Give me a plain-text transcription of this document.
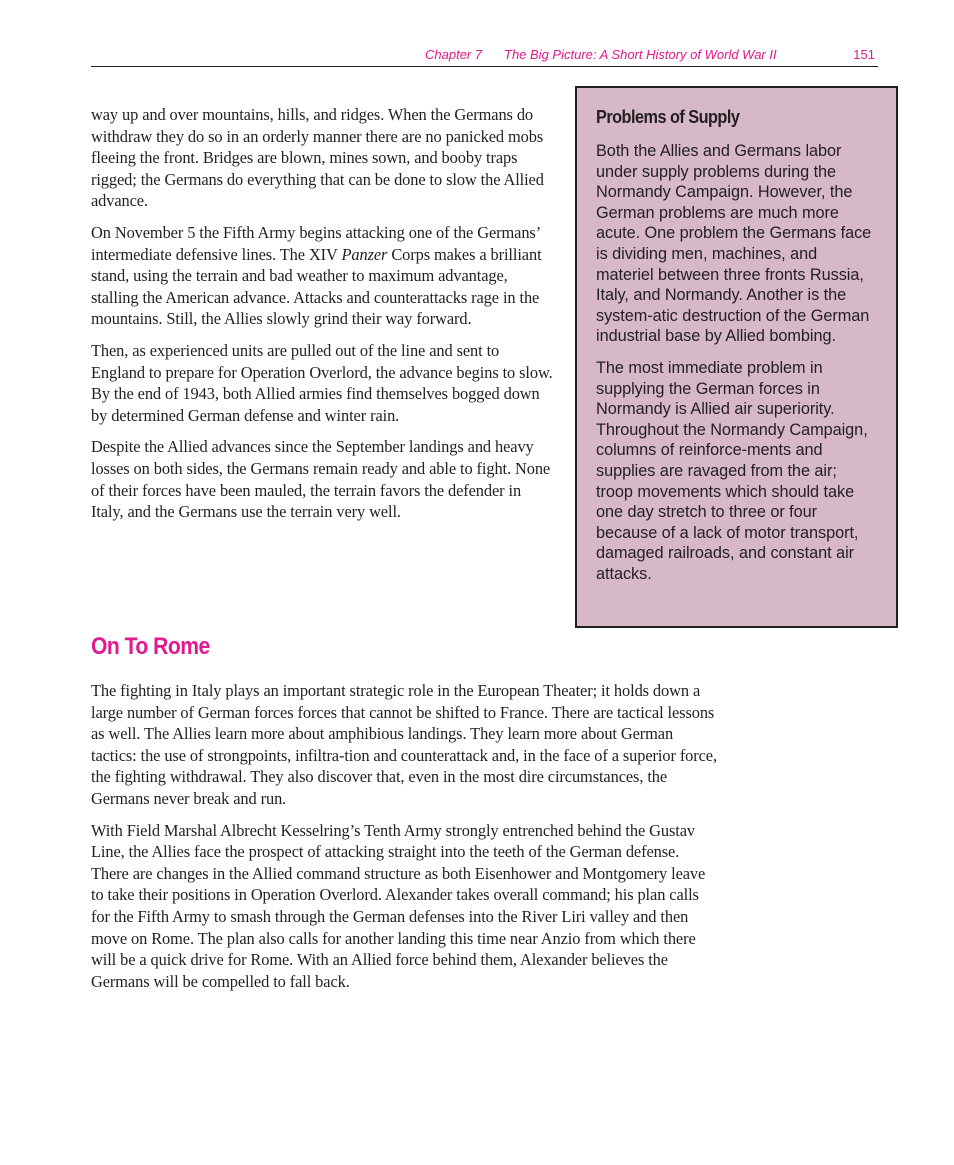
Chapter 7 The Big Picture: A Short History of World War II	151

way up and over mountains, hills, and ridges. When the Germans do withdraw they do so in an orderly manner there are no panicked mobs fleeing the front. Bridges are blown, mines sown, and booby traps rigged; the Germans do everything that can be done to slow the Allied advance.

On November 5 the Fifth Army begins attacking one of the Germans’ intermediate defensive lines. The XIV Panzer Corps makes a brilliant stand, using the terrain and bad weather to maximum advantage, stalling the American advance. Attacks and counterattacks rage in the mountains. Still, the Allies slowly grind their way forward.

Then, as experienced units are pulled out of the line and sent to England to prepare for Operation Overlord, the advance begins to slow. By the end of 1943, both Allied armies find themselves bogged down by determined German defense and winter rain.

Despite the Allied advances since the September landings and heavy losses on both sides, the Germans remain ready and able to fight. None of their forces have been mauled, the terrain favors the defender in Italy, and the Germans use the terrain very well.

Problems of Supply

Both the Allies and Germans labor under supply problems during the Normandy Campaign. However, the German problems are much more acute. One problem the Germans face is dividing men, machines, and materiel between three fronts Russia, Italy, and Normandy. Another is the system-atic destruction of the German industrial base by Allied bombing.

The most immediate problem in supplying the German forces in Normandy is Allied air superiority. Throughout the Normandy Campaign, columns of reinforce-ments and supplies are ravaged from the air; troop movements which should take one day stretch to three or four because of a lack of motor transport, damaged railroads, and constant air attacks.

On To Rome

The fighting in Italy plays an important strategic role in the European Theater; it holds down a large number of German forces forces that cannot be shifted to France. There are tactical lessons as well. The Allies learn more about amphibious landings. They learn more about German tactics: the use of strongpoints, infiltra-tion and counterattack and, in the face of a superior force, the fighting withdrawal. They also discover that, even in the most dire circumstances, the Germans never break and run.

With Field Marshal Albrecht Kesselring’s Tenth Army strongly entrenched behind the Gustav Line, the Allies face the prospect of attacking straight into the teeth of the German defense. There are changes in the Allied command structure as both Eisenhower and Montgomery leave to take their positions in Operation Overlord. Alexander takes overall command; his plan calls for the Fifth Army to smash through the German defenses into the River Liri valley and then move on Rome. The plan also calls for another landing this time near Anzio from which there will be a quick drive for Rome. With an Allied force behind them, Alexander believes the Germans will be compelled to fall back.
